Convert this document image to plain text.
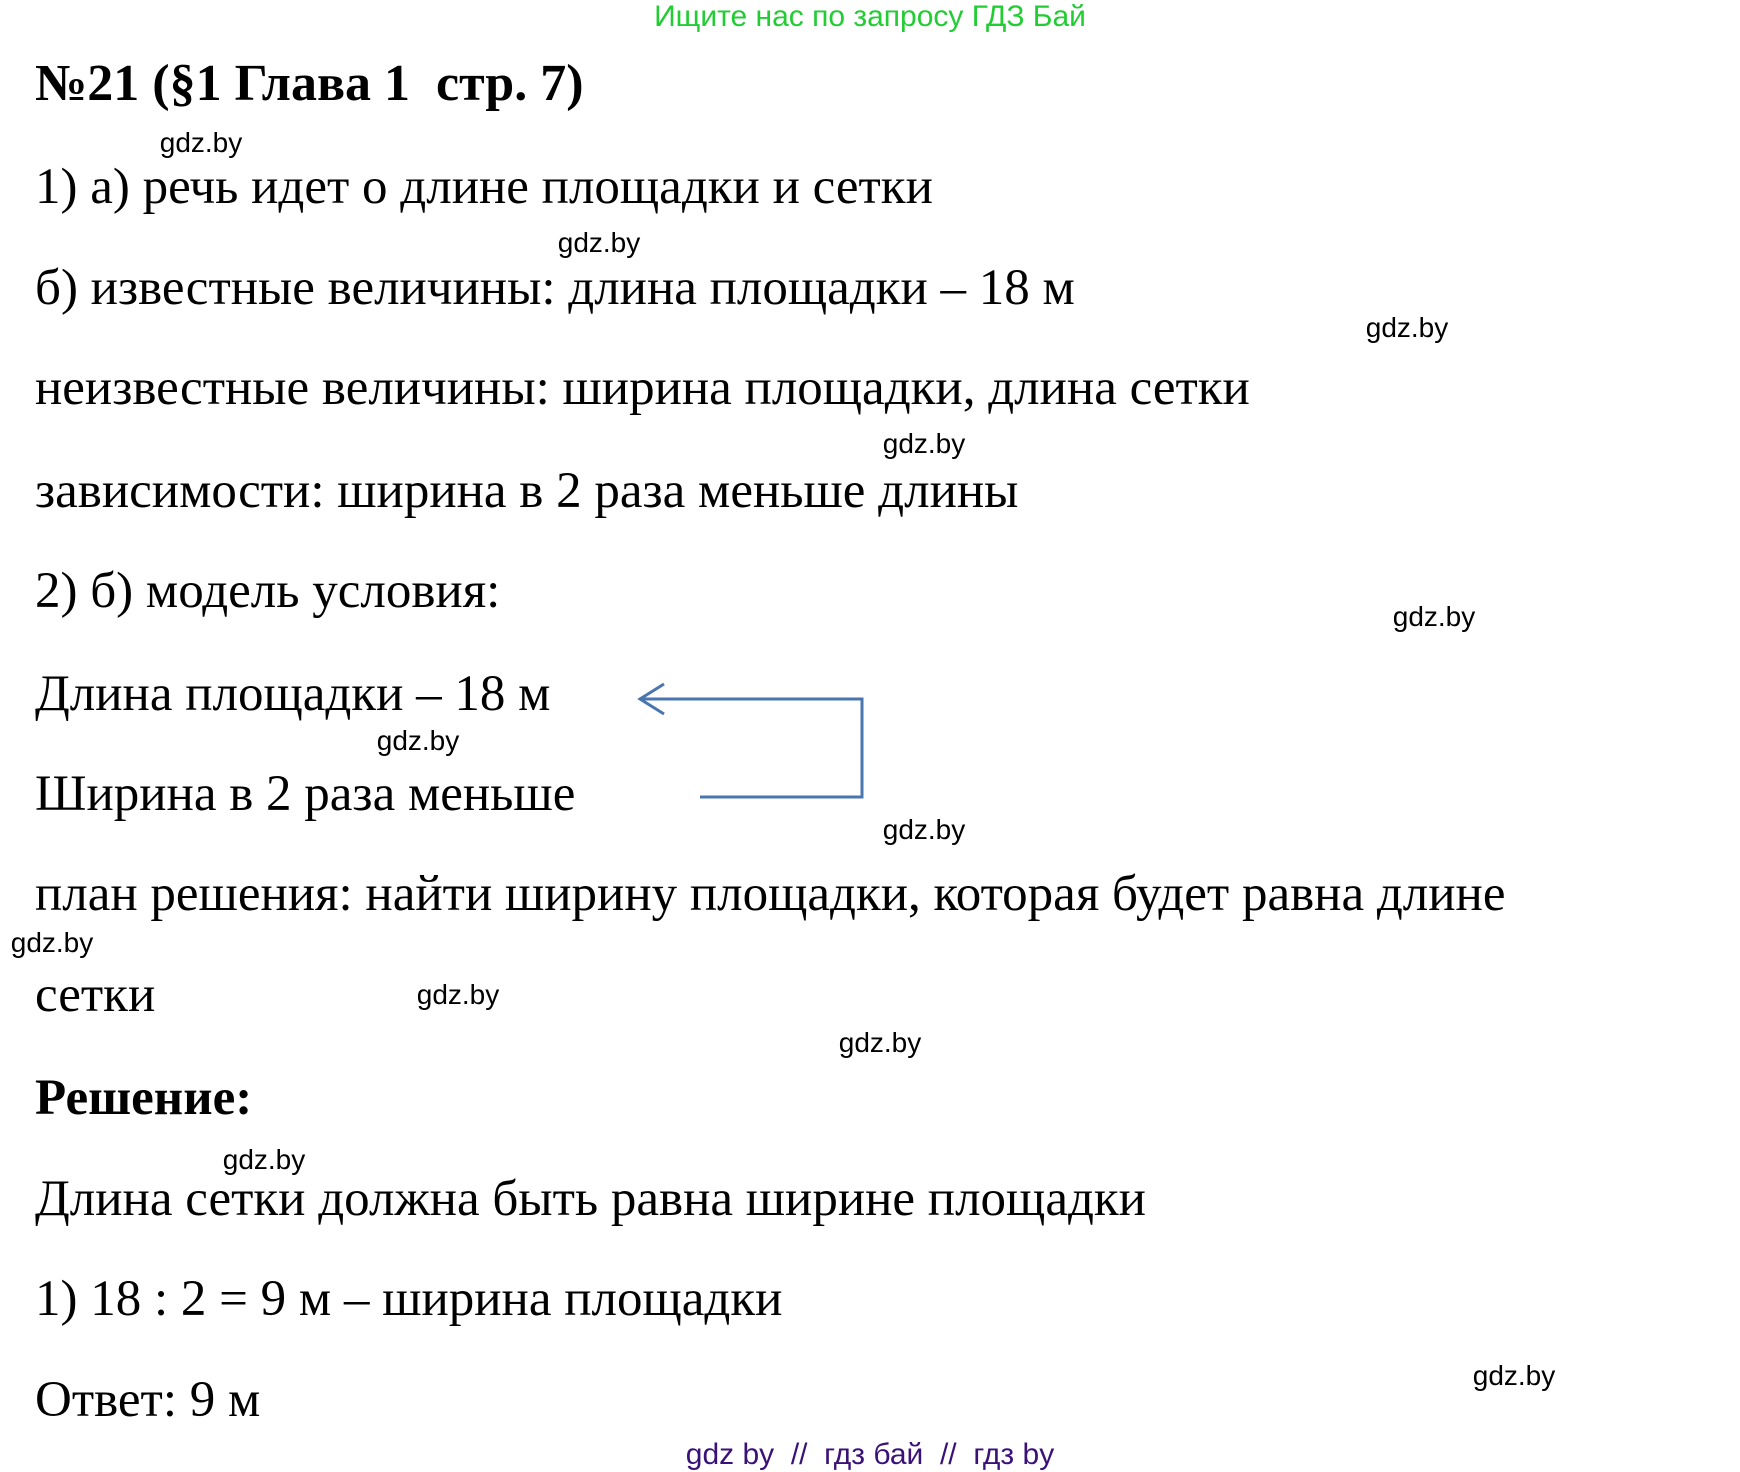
Ищите нас по запросу ГДЗ Бай
№21 (§1 Глава 1  стр. 7)
1) а) речь идет о длине площадки и сетки
б) известные величины: длина площадки – 18 м
неизвестные величины: ширина площадки, длина сетки
зависимости: ширина в 2 раза меньше длины
2) б) модель условия:
Длина площадки – 18 м
Ширина в 2 раза меньше
план решения: найти ширину площадки, которая будет равна длине
сетки
Решение:
Длина сетки должна быть равна ширине площадки
1) 18 : 2 = 9 м – ширина площадки
Ответ: 9 м
gdz.by
gdz.by
gdz.by
gdz.by
gdz.by
gdz.by
gdz.by
gdz.by
gdz.by
gdz.by
gdz.by
gdz.by
gdz by  //  гдз бай  //  гдз by
